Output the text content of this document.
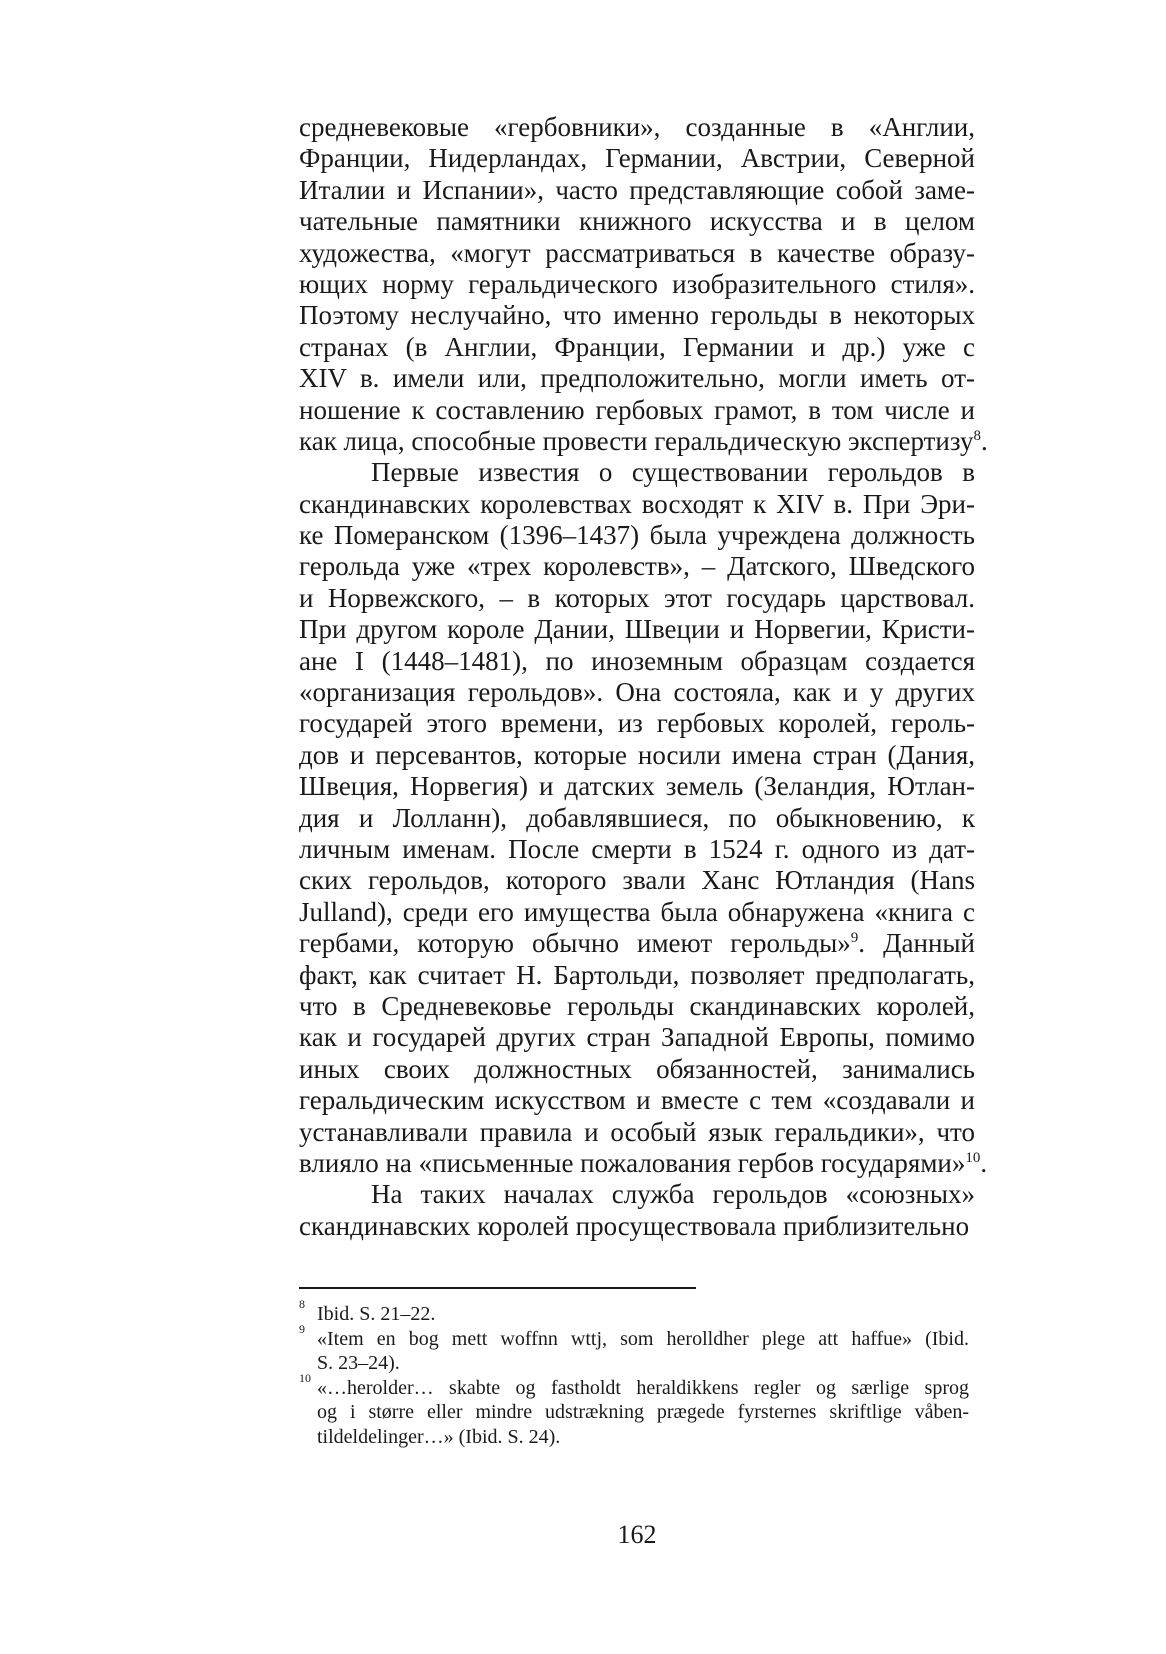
средневековые «гербовники», созданные в «Англии,
Франции, Нидерландах, Германии, Австрии, Северной
Италии и Испании», часто представляющие собой заме-
чательные памятники книжного искусства и в целом
художества, «могут рассматриваться в качестве образу-
ющих норму геральдического изобразительного стиля».
Поэтому неслучайно, что именно герольды в некоторых
странах (в Англии, Франции, Германии и др.) уже с
XIV в. имели или, предположительно, могли иметь от-
ношение к составлению гербовых грамот, в том числе и
как лица, способные провести геральдическую экспертизу$^8$.
Первые известия о существовании герольдов в
скандинавских королевствах восходят к XIV в. При Эри-
ке Померанском (1396–1437) была учреждена должность
герольда уже «трех королевств», – Датского, Шведского
и Норвежского, – в которых этот государь царствовал.
При другом короле Дании, Швеции и Норвегии, Кристи-
ане I (1448–1481), по иноземным образцам создается
«организация герольдов». Она состояла, как и у других
государей этого времени, из гербовых королей, героль-
дов и персевантов, которые носили имена стран (Дания,
Швеция, Норвегия) и датских земель (Зеландия, Ютлан-
дия и Лолланн), добавлявшиеся, по обыкновению, к
личным именам. После смерти в 1524 г. одного из дат-
ских герольдов, которого звали Ханс Ютландия (Hans
Julland), среди его имущества была обнаружена «книга с
гербами, которую обычно имеют герольды»$^9$. Данный
факт, как считает Н. Бартольди, позволяет предполагать,
что в Средневековье герольды скандинавских королей,
как и государей других стран Западной Европы, помимо
иных своих должностных обязанностей, занимались
геральдическим искусством и вместе с тем «создавали и
устанавливали правила и особый язык геральдики», что
влияло на «письменные пожалования гербов государями»$^{10}$.
На таких началах служба герольдов «союзных»
скандинавских королей просуществовала приблизительно
8 Ibid. S. 21–22.
9 «Item en bog mett woffnn wttj, som herolldher plege att haffue» (Ibid.
S. 23–24).
10 «…herolder… skabte og fastholdt heraldikkens regler og særlige sprog
og i større eller mindre udstrækning prægede fyrsternes skriftlige våben-
tildeldelinger…» (Ibid. S. 24).
162
